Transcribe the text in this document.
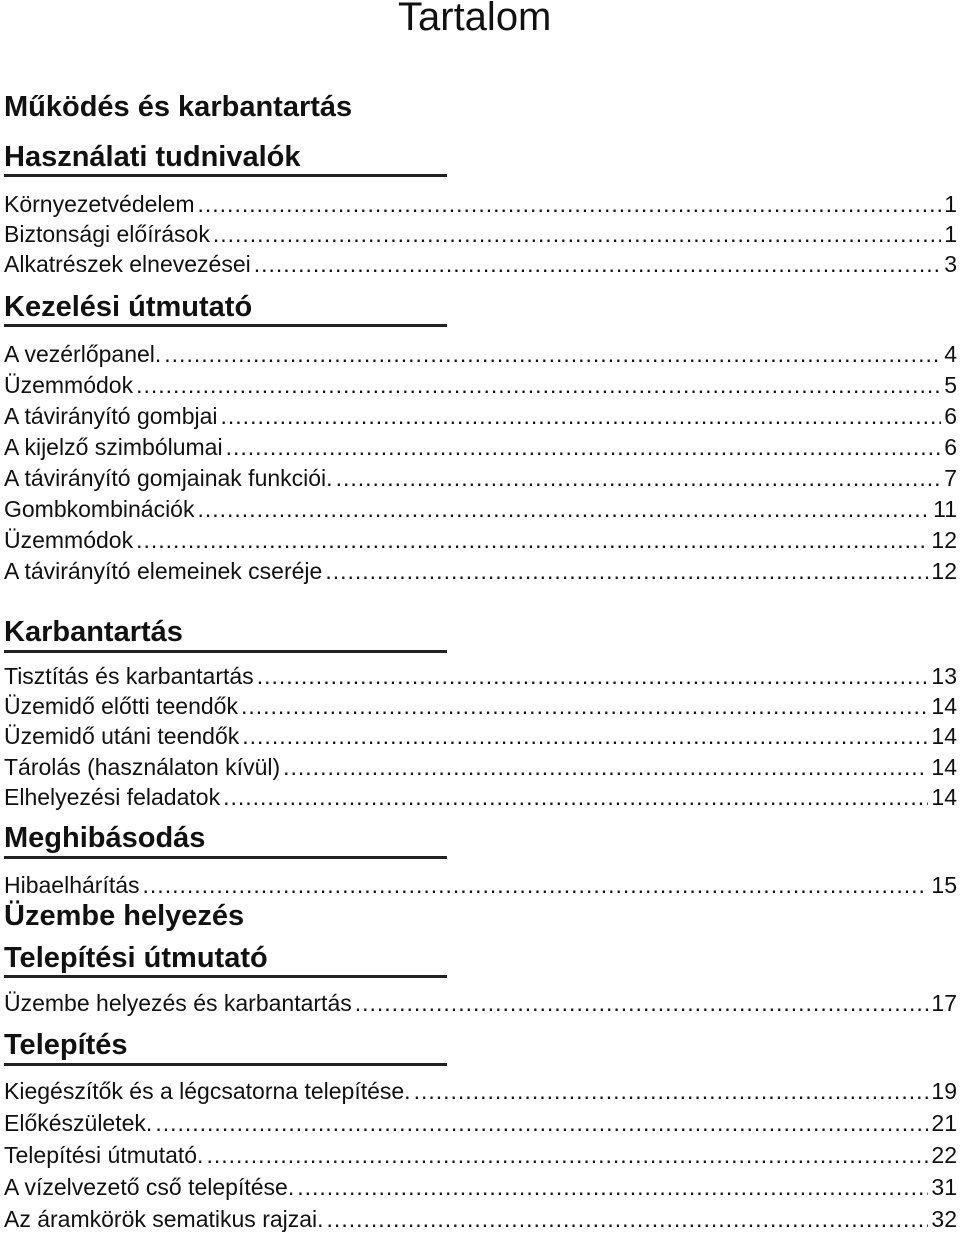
Tartalom
Működés és karbantartás
Használati tudnivalók
Környezetvédelem .....	1
Biztonsági előírások .....	1
Alkatrészek elnevezései .....	3
Kezelési útmutató
A vezérlőpanel. .....	4
Üzemmódok .....	5
A távirányító gombjai .....	6
A kijelző szimbólumai .....	6
A távirányító gomjainak funkciói. .....	7
Gombkombinációk .....	11
Üzemmódok .....	12
A távirányító elemeinek cseréje .....	12
Karbantartás
Tisztítás és karbantartás .....	13
Üzemidő előtti teendők .....	14
Üzemidő utáni teendők .....	14
Tárolás (használaton kívül) .....	14
Elhelyezési feladatok .....	14
Meghibásodás
Hibaelhárítás .....	15
Üzembe helyezés
Telepítési útmutató
Üzembe helyezés és karbantartás .....	17
Telepítés
Kiegészítők és a légcsatorna telepítése. .....	19
Előkészületek. .....	21
Telepítési útmutató. .....	22
A vízelvezető cső telepítése. .....	31
Az áramkörök sematikus rajzai. .....	32
